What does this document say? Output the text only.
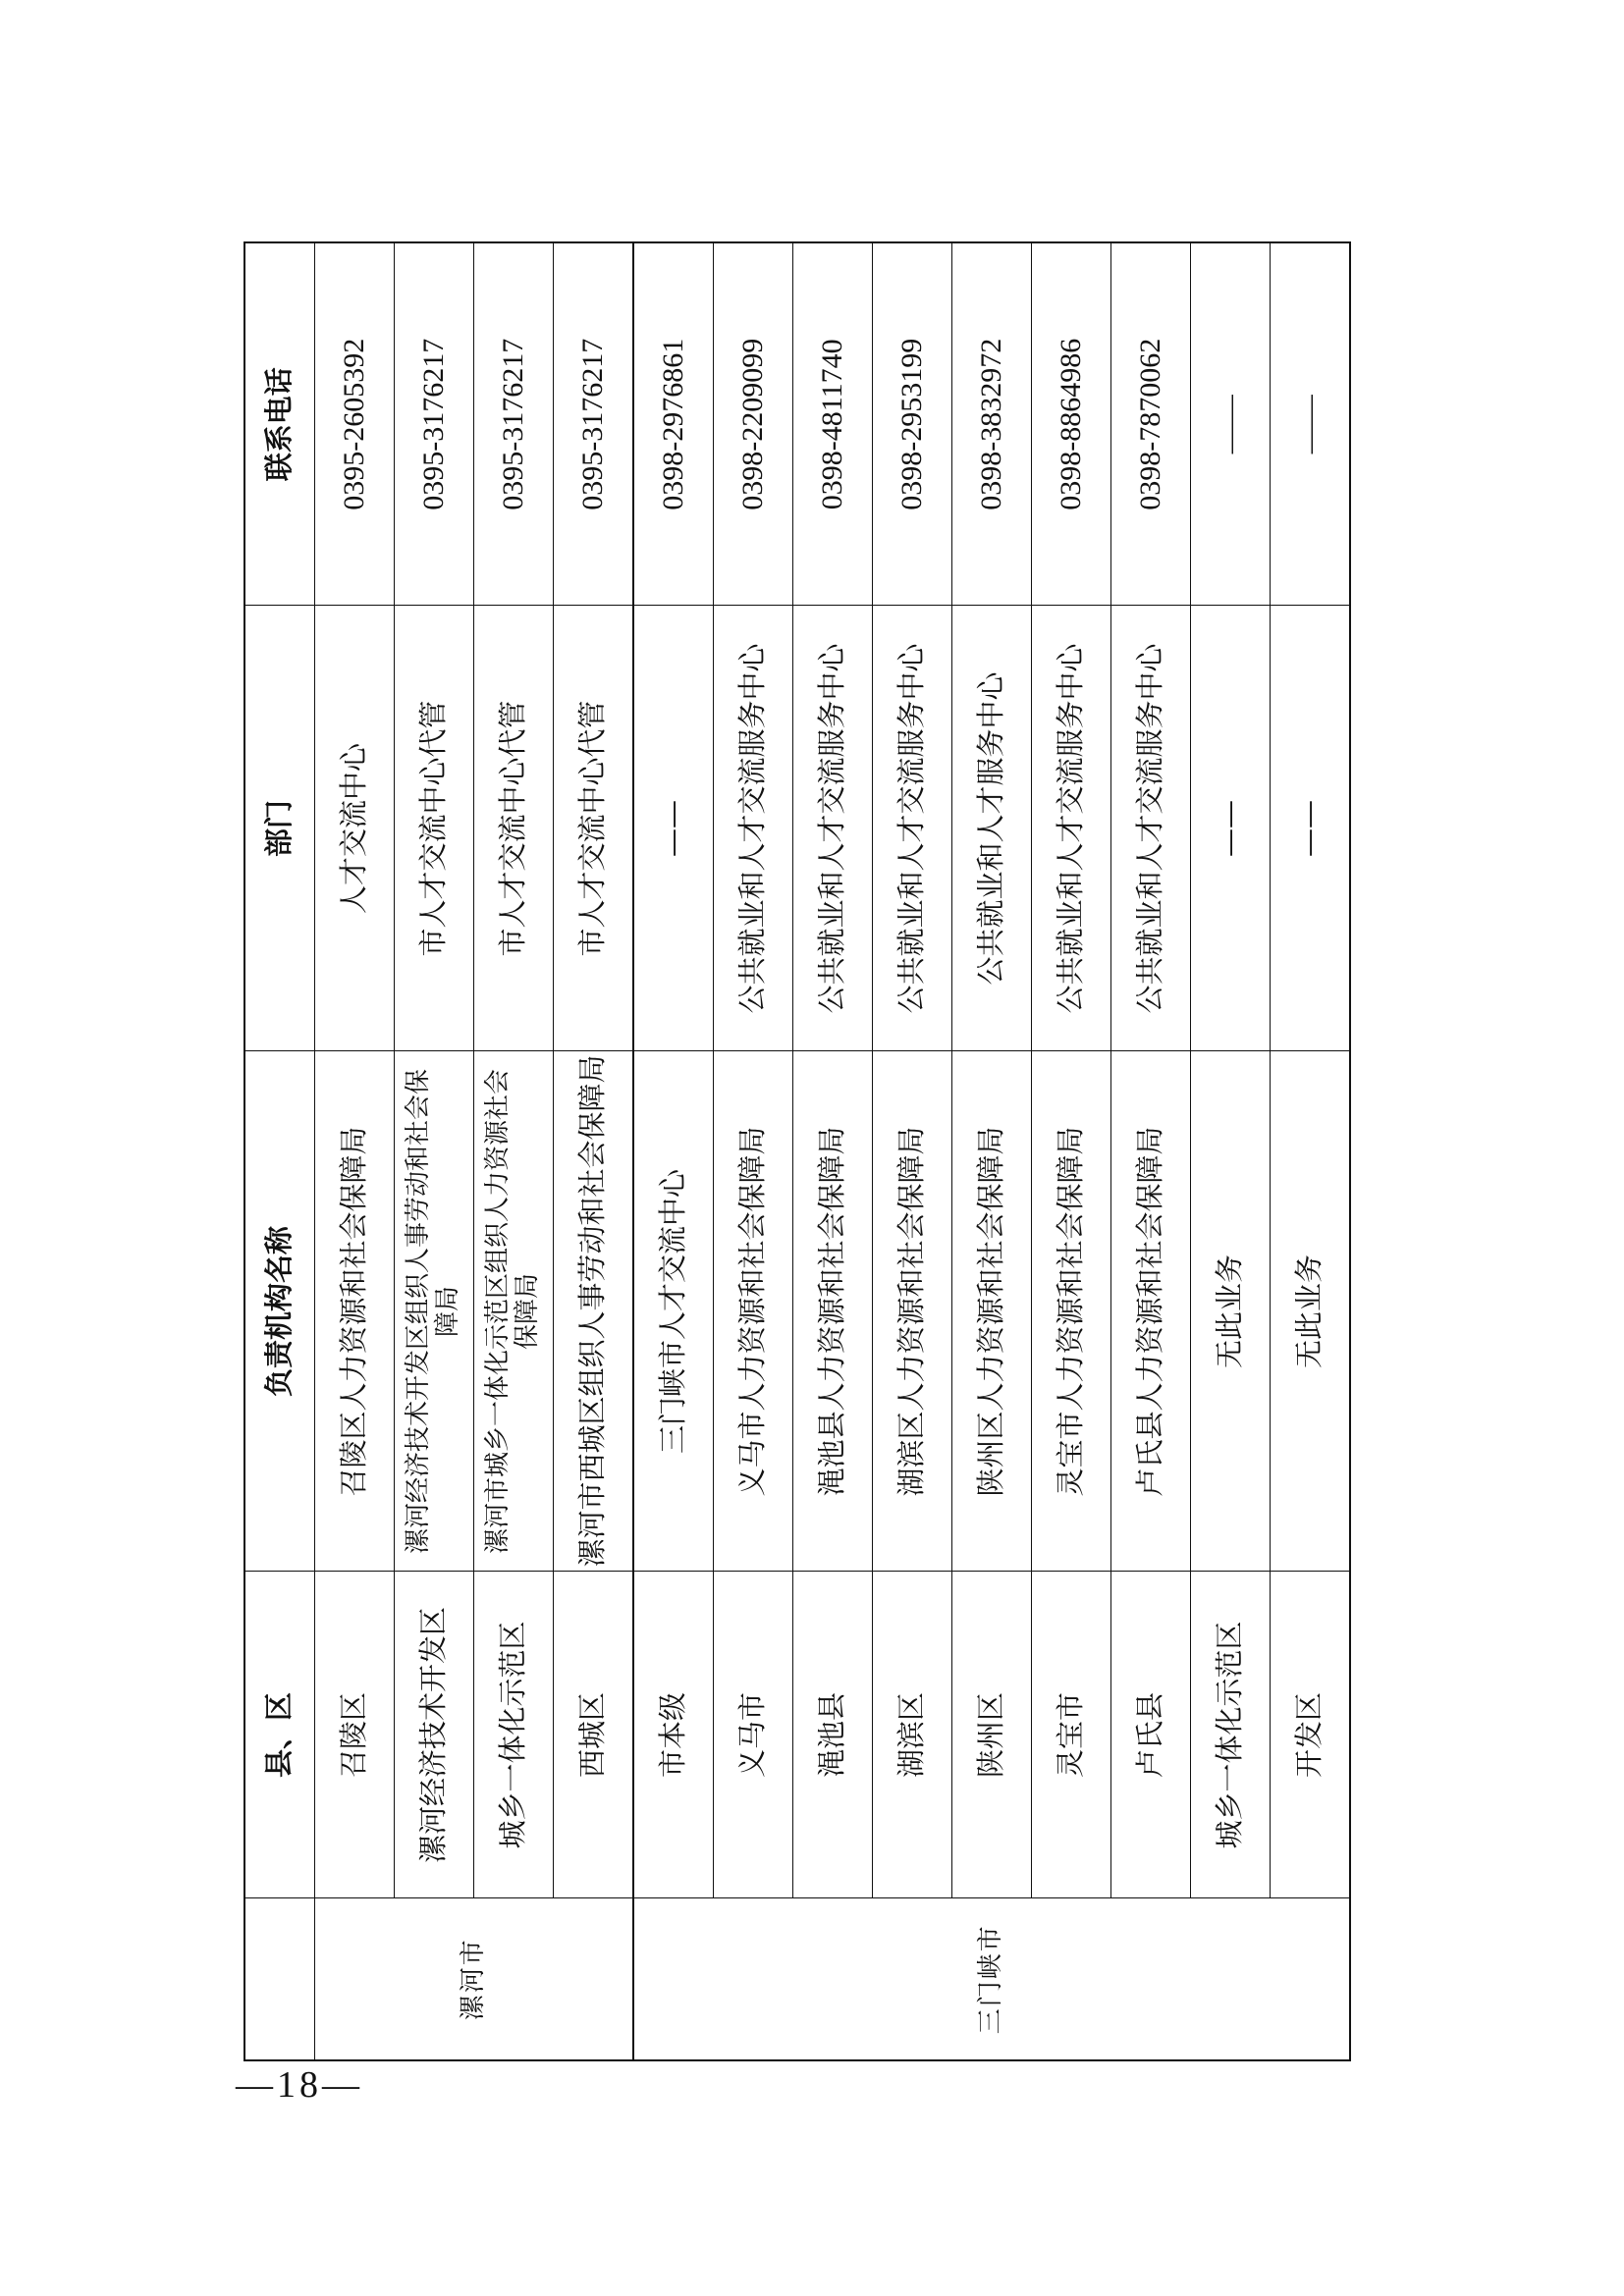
	县、区	负责机构名称	部门	联系电话
漯河市	召陵区	召陵区人力资源和社会保障局	人才交流中心	0395-2605392
	漯河经济技术开发区	漯河经济技术开发区组织人事劳动和社会保障局	市人才交流中心代管	0395-3176217
	城乡一体化示范区	漯河市城乡一体化示范区组织人力资源社会保障局	市人才交流中心代管	0395-3176217
	西城区	漯河市西城区组织人事劳动和社会保障局	市人才交流中心代管	0395-3176217
三门峡市	市本级	三门峡市人才交流中心	——	0398-2976861
	义马市	义马市人力资源和社会保障局	公共就业和人才交流服务中心	0398-2209099
	渑池县	渑池县人力资源和社会保障局	公共就业和人才交流服务中心	0398-4811740
	湖滨区	湖滨区人力资源和社会保障局	公共就业和人才交流服务中心	0398-2953199
	陕州区	陕州区人力资源和社会保障局	公共就业和人才服务中心	0398-3832972
	灵宝市	灵宝市人力资源和社会保障局	公共就业和人才交流服务中心	0398-8864986
	卢氏县	卢氏县人力资源和社会保障局	公共就业和人才交流服务中心	0398-7870062
	城乡一体化示范区	无此业务	——	——
	开发区	无此业务	——	——
—18—
